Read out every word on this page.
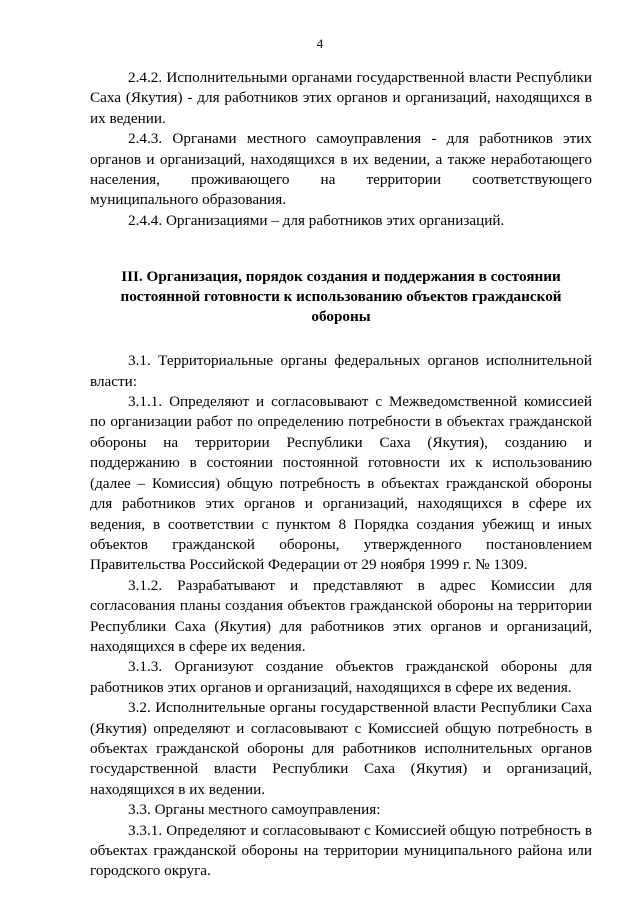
4

2.4.2. Исполнительными органами государственной власти Республики Саха (Якутия) - для работников этих органов и организаций, находящихся в их ведении.

2.4.3. Органами местного самоуправления - для работников этих органов и организаций, находящихся в их ведении, а также неработающего населения, проживающего на территории соответствующего муниципального образования.

2.4.4. Организациями – для работников этих организаций.

III. Организация, порядок создания и поддержания в состоянии постоянной готовности к использованию объектов гражданской обороны

3.1. Территориальные органы федеральных органов исполнительной власти:

3.1.1. Определяют и согласовывают с Межведомственной комиссией по организации работ по определению потребности в объектах гражданской обороны на территории Республики Саха (Якутия), созданию и поддержанию в состоянии постоянной готовности их к использованию (далее – Комиссия) общую потребность в объектах гражданской обороны для работников этих органов и организаций, находящихся в сфере их ведения, в соответствии с пунктом 8 Порядка создания убежищ и иных объектов гражданской обороны, утвержденного постановлением Правительства Российской Федерации от 29 ноября 1999 г. № 1309.

3.1.2. Разрабатывают и представляют в адрес Комиссии для согласования планы создания объектов гражданской обороны на территории Республики Саха (Якутия) для работников этих органов и организаций, находящихся в сфере их ведения.

3.1.3. Организуют создание объектов гражданской обороны для работников этих органов и организаций, находящихся в сфере их ведения.

3.2. Исполнительные органы государственной власти Республики Саха (Якутия) определяют и согласовывают с Комиссией общую потребность в объектах гражданской обороны для работников исполнительных органов государственной власти Республики Саха (Якутия) и организаций, находящихся в их ведении.

3.3. Органы местного самоуправления:

3.3.1. Определяют и согласовывают с Комиссией общую потребность в объектах гражданской обороны на территории муниципального района или городского округа.
